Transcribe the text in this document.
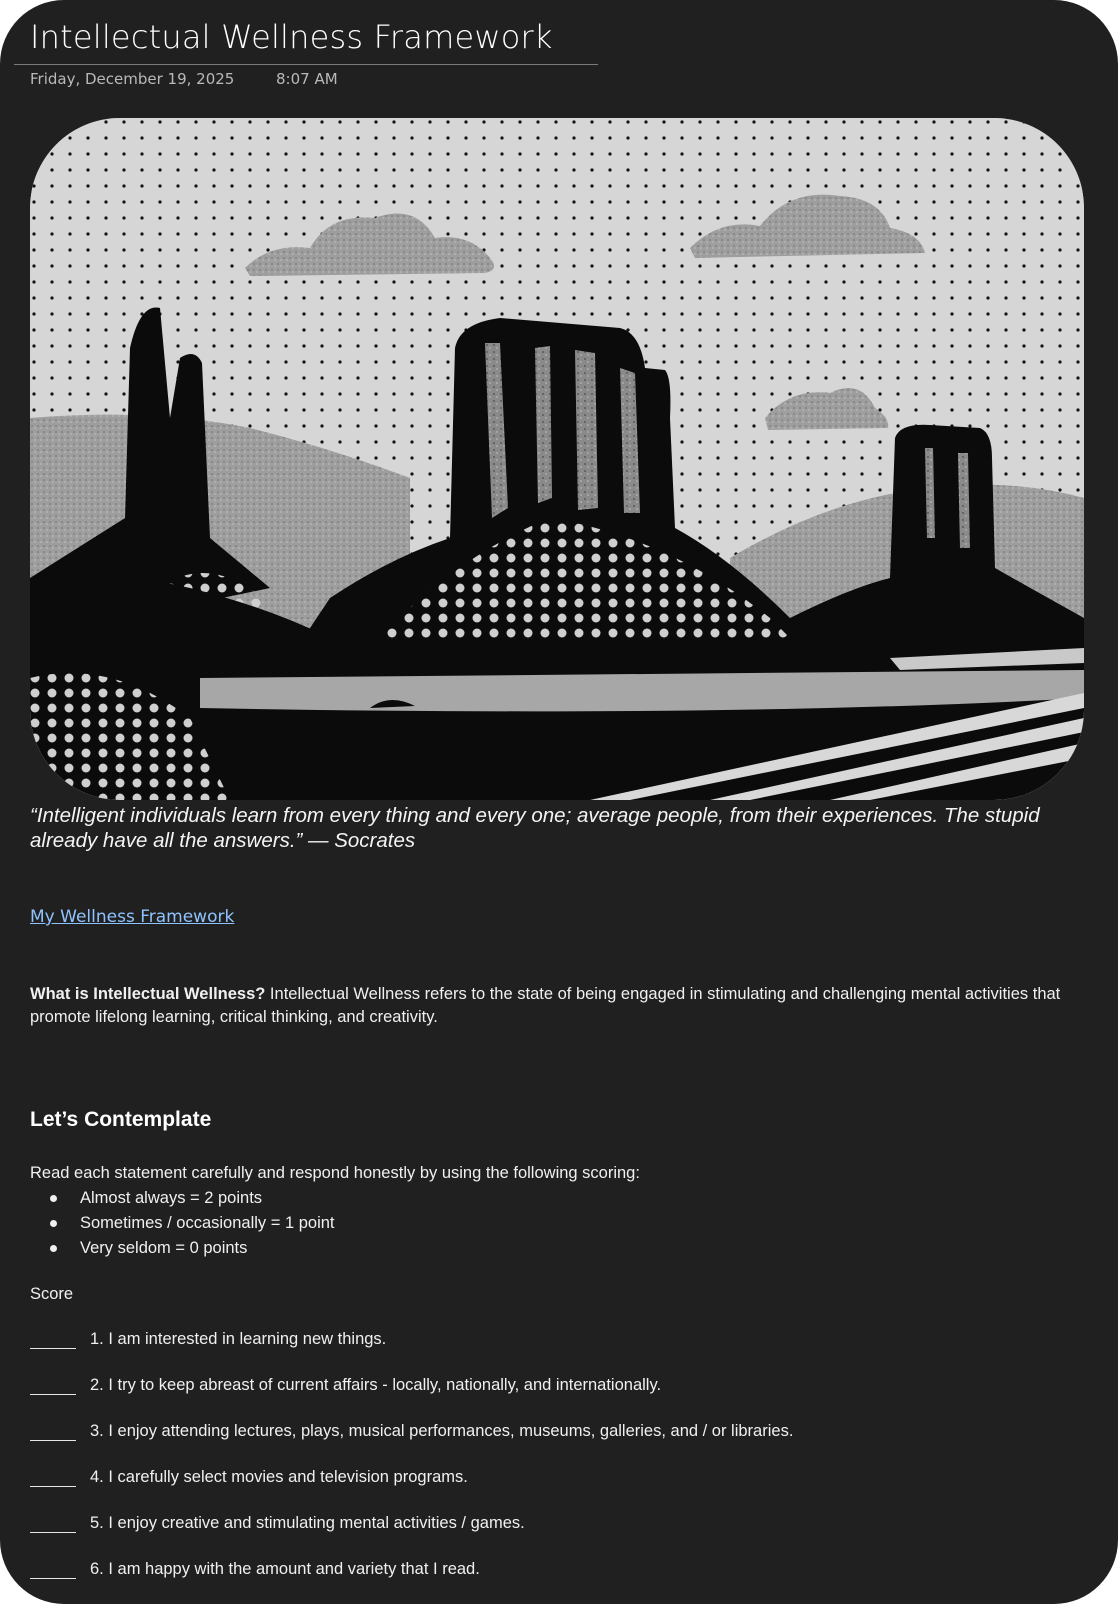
Intellectual Wellness Framework
Friday, December 19, 2025	8:07 AM
“Intelligent individuals learn from every thing and every one; average people, from their experiences. The stupid already have all the answers.” — Socrates
My Wellness Framework
What is Intellectual Wellness? Intellectual Wellness refers to the state of being engaged in stimulating and challenging mental activities that promote lifelong learning, critical thinking, and creativity.
Let’s Contemplate
Read each statement carefully and respond honestly by using the following scoring:
Almost always = 2 points
Sometimes / occasionally = 1 point
Very seldom = 0 points
Score
1. I am interested in learning new things.
2. I try to keep abreast of current affairs - locally, nationally, and internationally.
3. I enjoy attending lectures, plays, musical performances, museums, galleries, and / or libraries.
4. I carefully select movies and television programs.
5. I enjoy creative and stimulating mental activities / games.
6. I am happy with the amount and variety that I read.
